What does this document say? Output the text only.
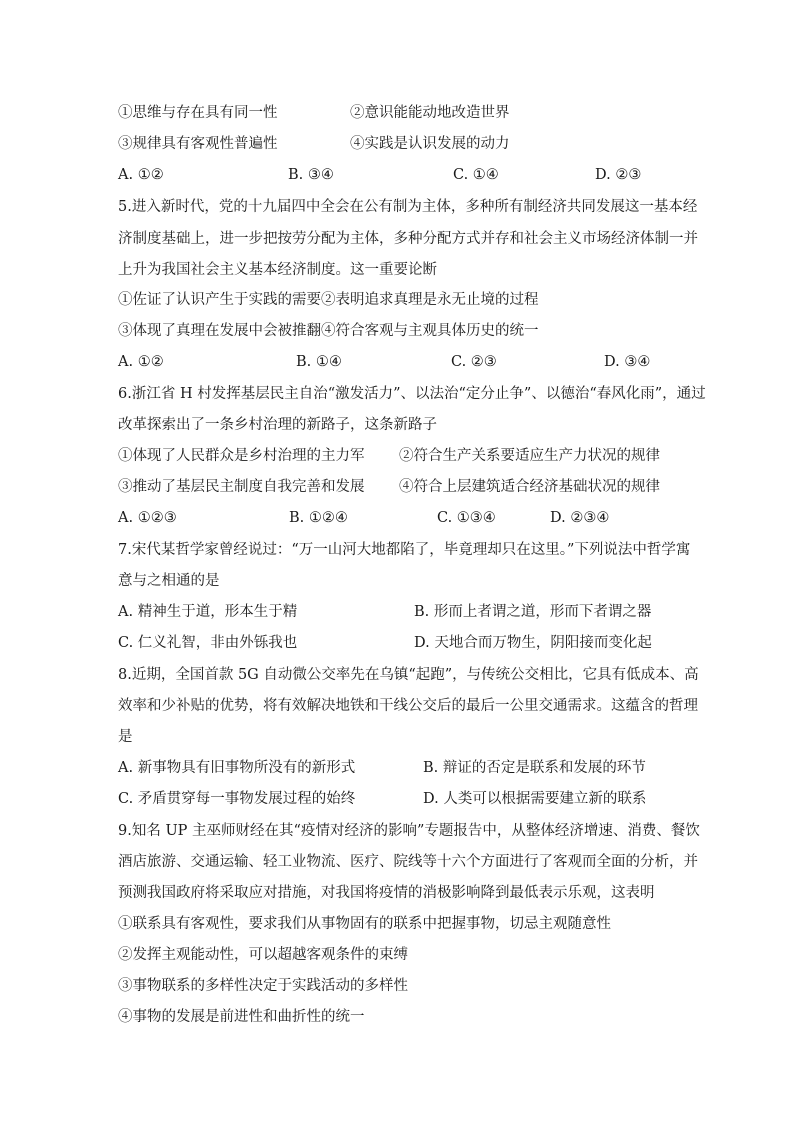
①思维与存在具有同一性	②意识能能动地改造世界
③规律具有客观性普遍性	④实践是认识发展的动力
A. ①②	B. ③④	C. ①④	D. ②③
5.进入新时代，党的十九届四中全会在公有制为主体，多种所有制经济共同发展这一基本经
济制度基础上，进一步把按劳分配为主体，多种分配方式并存和社会主义市场经济体制一并
上升为我国社会主义基本经济制度。这一重要论断
①佐证了认识产生于实践的需要②表明追求真理是永无止境的过程
③体现了真理在发展中会被推翻④符合客观与主观具体历史的统一
A. ①②	B. ①④	C. ②③	D. ③④
6.浙江省 H 村发挥基层民主自治“激发活力”、以法治“定分止争”、以德治“春风化雨”，通过
改革探索出了一条乡村治理的新路子，这条新路子
①体现了人民群众是乡村治理的主力军 ②符合生产关系要适应生产力状况的规律
③推动了基层民主制度自我完善和发展 ④符合上层建筑适合经济基础状况的规律
A. ①②③	B. ①②④	C. ①③④	D. ②③④
7.宋代某哲学家曾经说过：“万一山河大地都陷了，毕竟理却只在这里。”下列说法中哲学寓
意与之相通的是
A. 精神生于道，形本生于精	B. 形而上者谓之道，形而下者谓之器
C. 仁义礼智，非由外铄我也	D. 天地合而万物生，阴阳接而变化起
8.近期，全国首款 5G 自动微公交率先在乌镇“起跑”，与传统公交相比，它具有低成本、高
效率和少补贴的优势，将有效解决地铁和干线公交后的最后一公里交通需求。这蕴含的哲理
是
A. 新事物具有旧事物所没有的新形式	B. 辩证的否定是联系和发展的环节
C. 矛盾贯穿每一事物发展过程的始终	D. 人类可以根据需要建立新的联系
9.知名 UP 主巫师财经在其“疫情对经济的影响”专题报告中，从整体经济增速、消费、餐饮
酒店旅游、交通运输、轻工业物流、医疗、院线等十六个方面进行了客观而全面的分析，并
预测我国政府将采取应对措施，对我国将疫情的消极影响降到最低表示乐观，这表明
①联系具有客观性，要求我们从事物固有的联系中把握事物，切忌主观随意性
②发挥主观能动性，可以超越客观条件的束缚
③事物联系的多样性决定于实践活动的多样性
④事物的发展是前进性和曲折性的统一
